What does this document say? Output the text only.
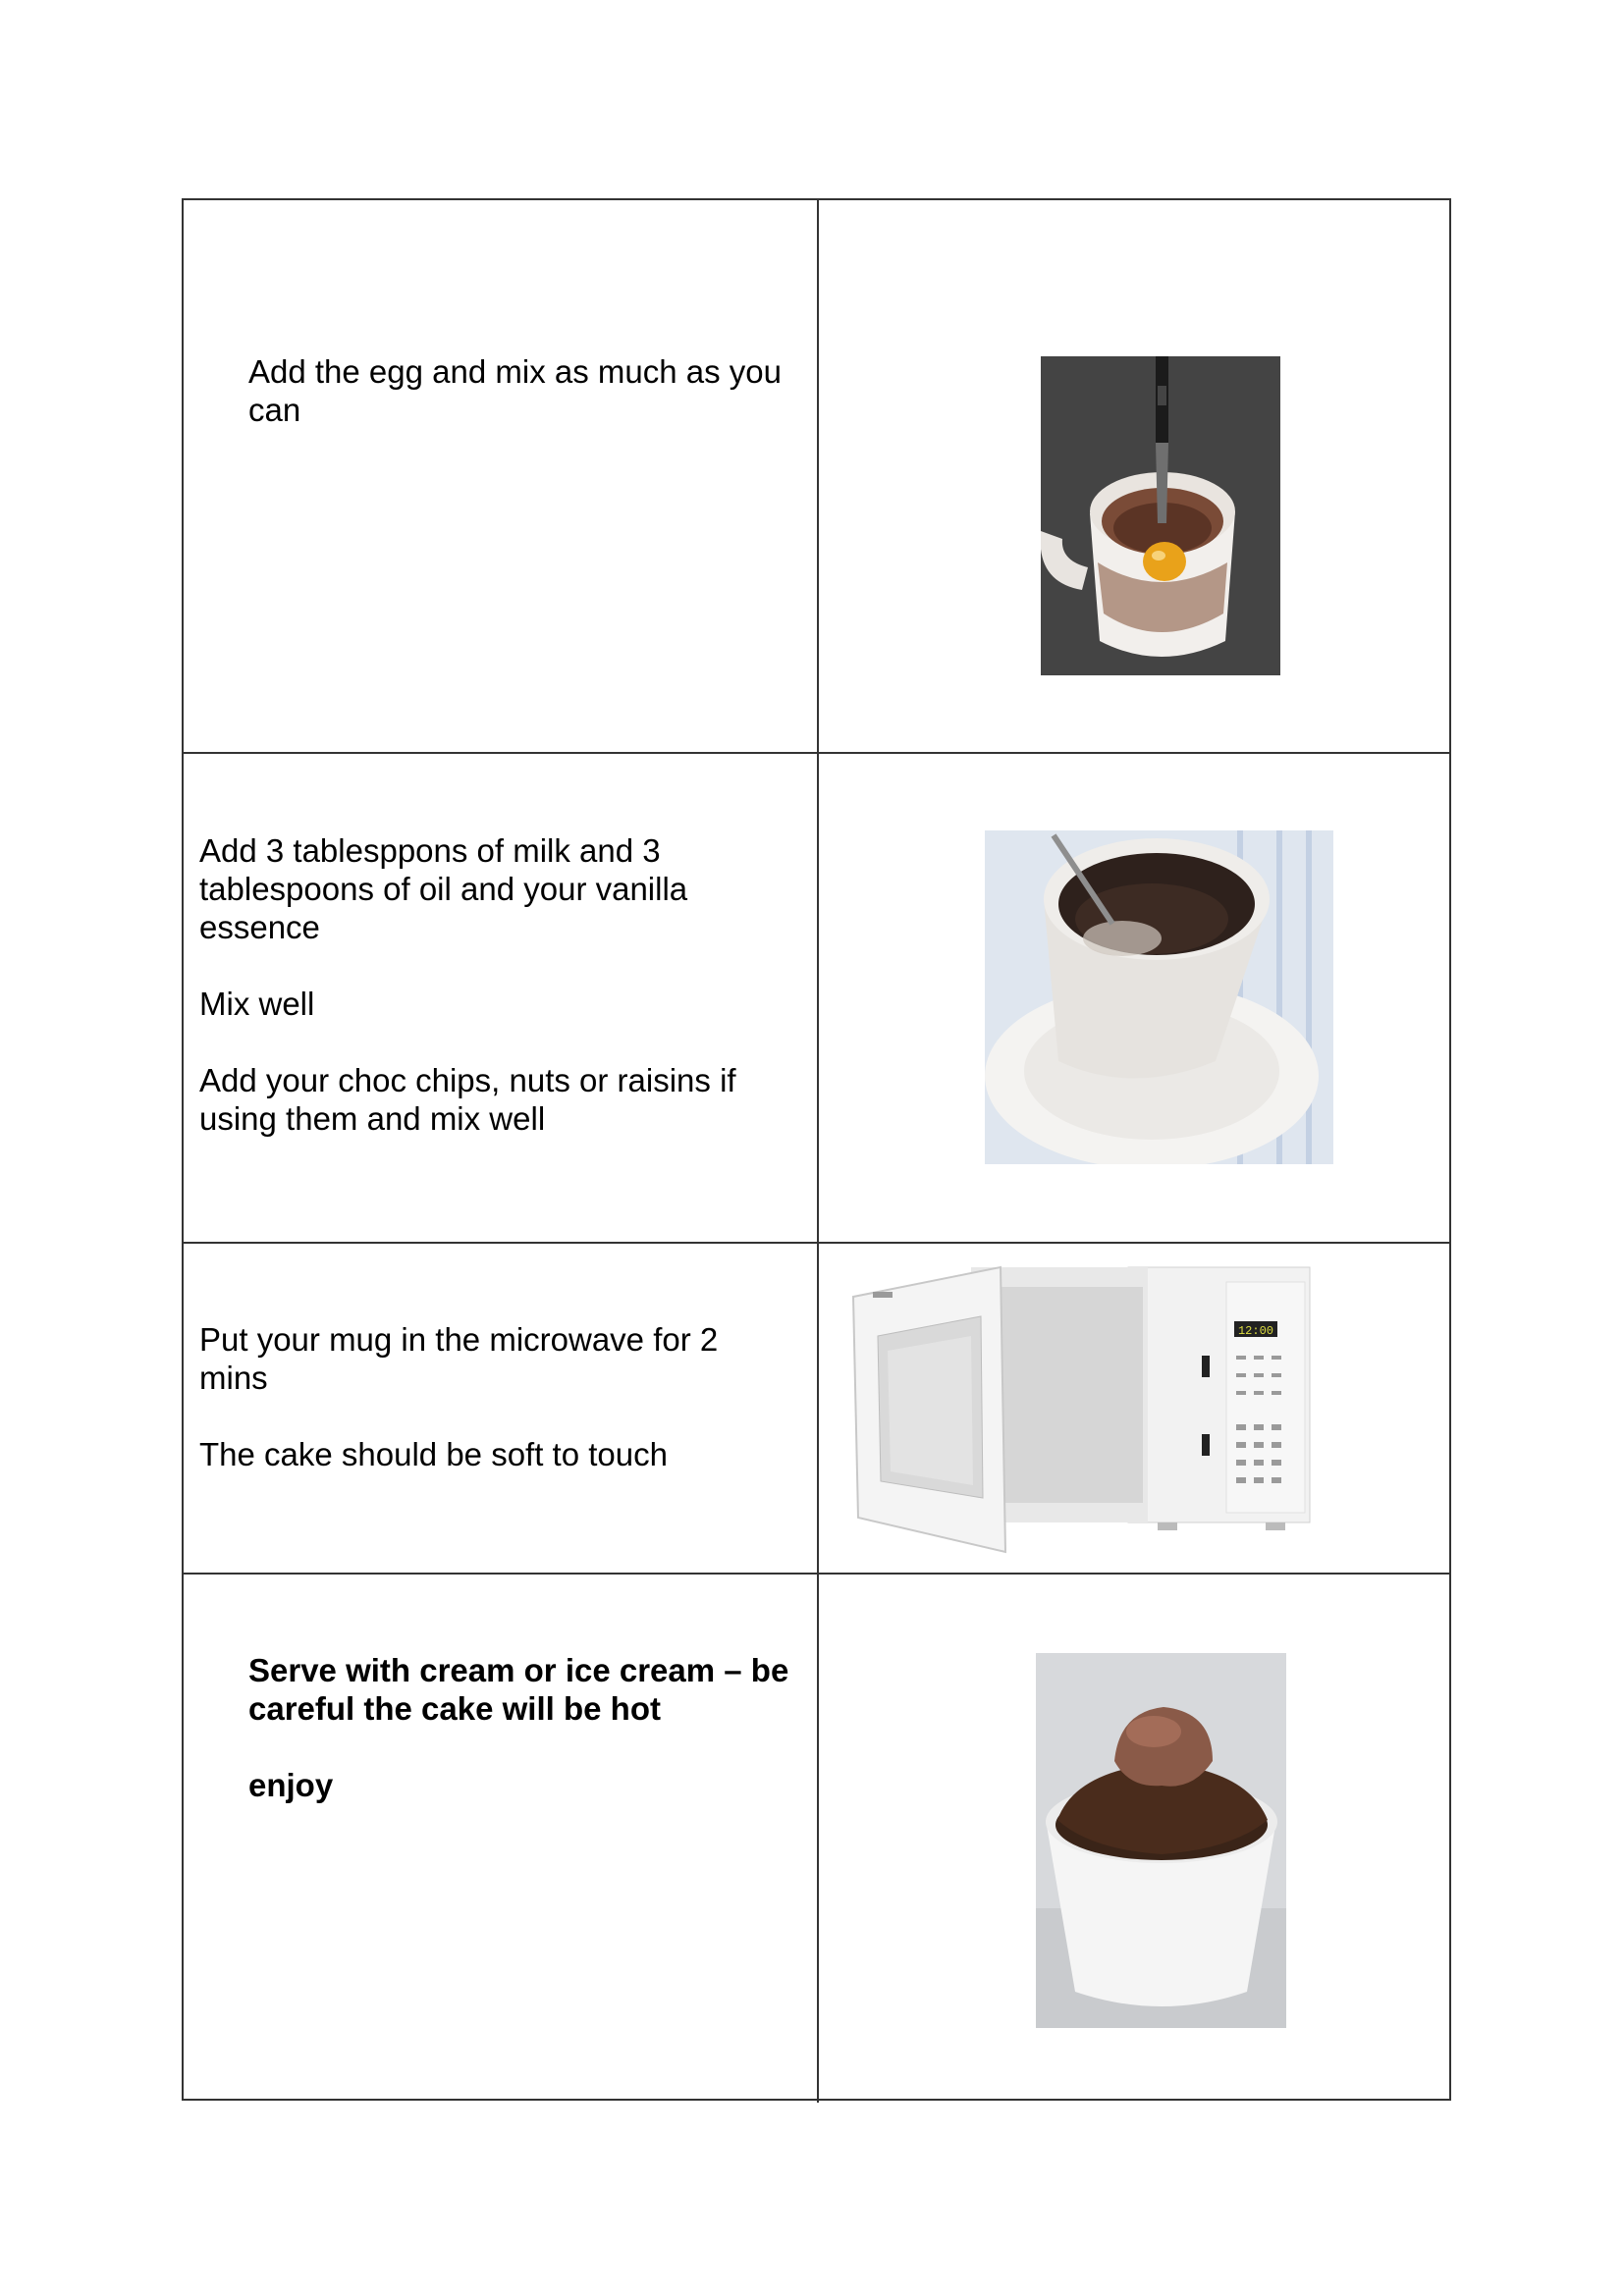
Add the egg and mix as much as you can

Add 3 tablesppons of milk and 3 tablespoons of oil and your vanilla essence

Mix well

Add your choc chips, nuts or raisins if using them and mix well

Put your mug in the microwave for 2 mins

The cake should be soft to touch

12:00

Serve with cream or ice cream – be careful the cake will be hot

enjoy
